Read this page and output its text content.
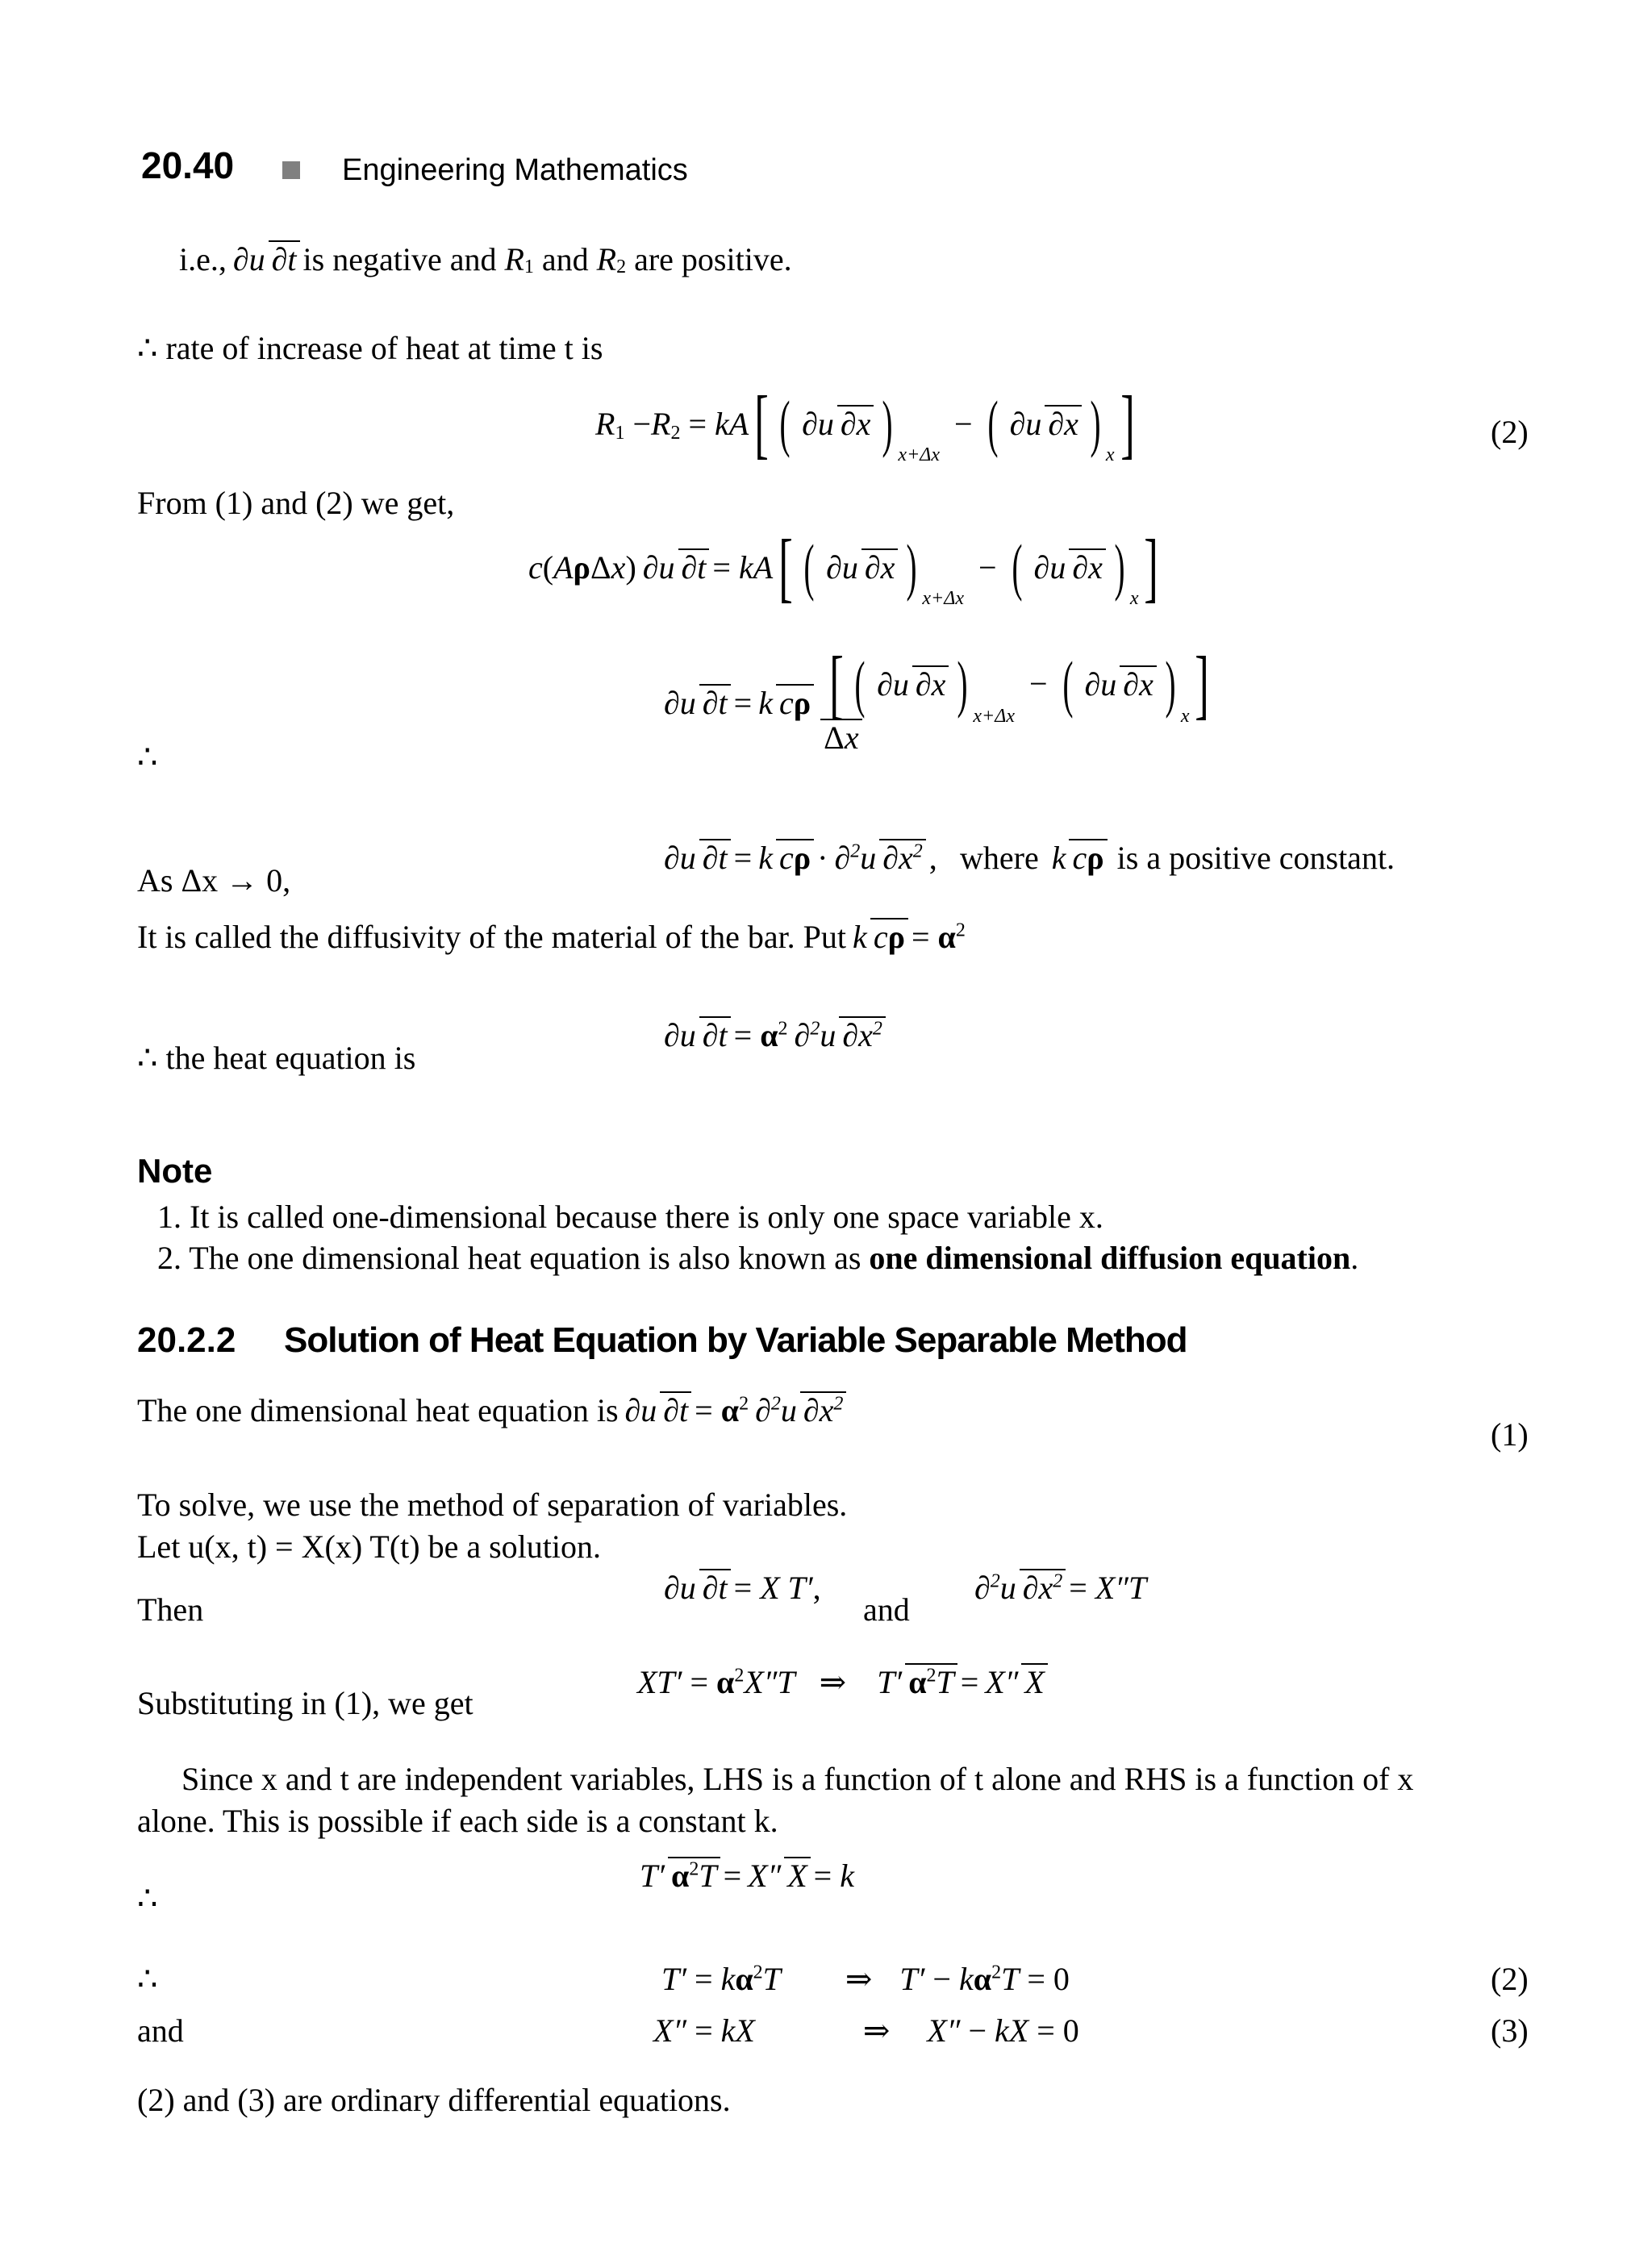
20.40	Engineering Mathematics
i.e., ∂u ∂t is negative and $R_1$ and $R_2$ are positive.
∴ rate of increase of heat at time t is
$R_1 - R_2$ = kA [ ( ∂u ∂x ) x+Δx
− ( ∂u ∂x ) x ]	(2)
From (1) and (2) we get,
c (AρΔx) ∂u ∂t = kA [ ( ∂u ∂x ) x+Δx
− ( ∂u ∂x ) x ]
∴
∂u ∂t = k cρ [ ( ∂u ∂x ) x+Δx
− ( ∂u ∂x ) x ]
Δx
As Δx → 0,
∂u ∂t = k cρ · ∂$^2$u $\partial x^2$ , where k cρ is a positive constant.
It is called the diffusivity of the material of the bar. Put k $c\rho = \alpha^2$
∴ the heat equation is
∂u $\partial t = \alpha^2$ ∂$^2$u $\partial x^2$
Note
1. It is called one-dimensional because there is only one space variable x.
2. The one dimensional heat equation is also known as one dimensional diffusion equation.
20.2.2 Solution of Heat Equation by Variable Separable Method
The one dimensional heat equation is ∂u $\partial t = \alpha^2$ ∂$^2$u $\partial x^2$
(1)
To solve, we use the method of separation of variables.
Let u(x, t) = X(x) T(t) be a solution.
Then
∂u ∂t = X T′,
and
∂$^2$u $\partial x^2 = X''T$
Substituting in (1), we get
$XT' = \alpha^2X''T$ ⇒ T′ $\alpha^2T = X''$ X
Since x and t are independent variables, LHS is a function of t alone and RHS is a function of x
alone. This is possible if each side is a constant k.
∴
T′ $\alpha^2T = X''$ X = k
∴	$T' = k\alpha^2T$ ⇒ $T' - k\alpha^2T = 0$	(2)
and	X″ = kX	⇒ X″ − kX = 0	(3)
(2) and (3) are ordinary differential equations.
